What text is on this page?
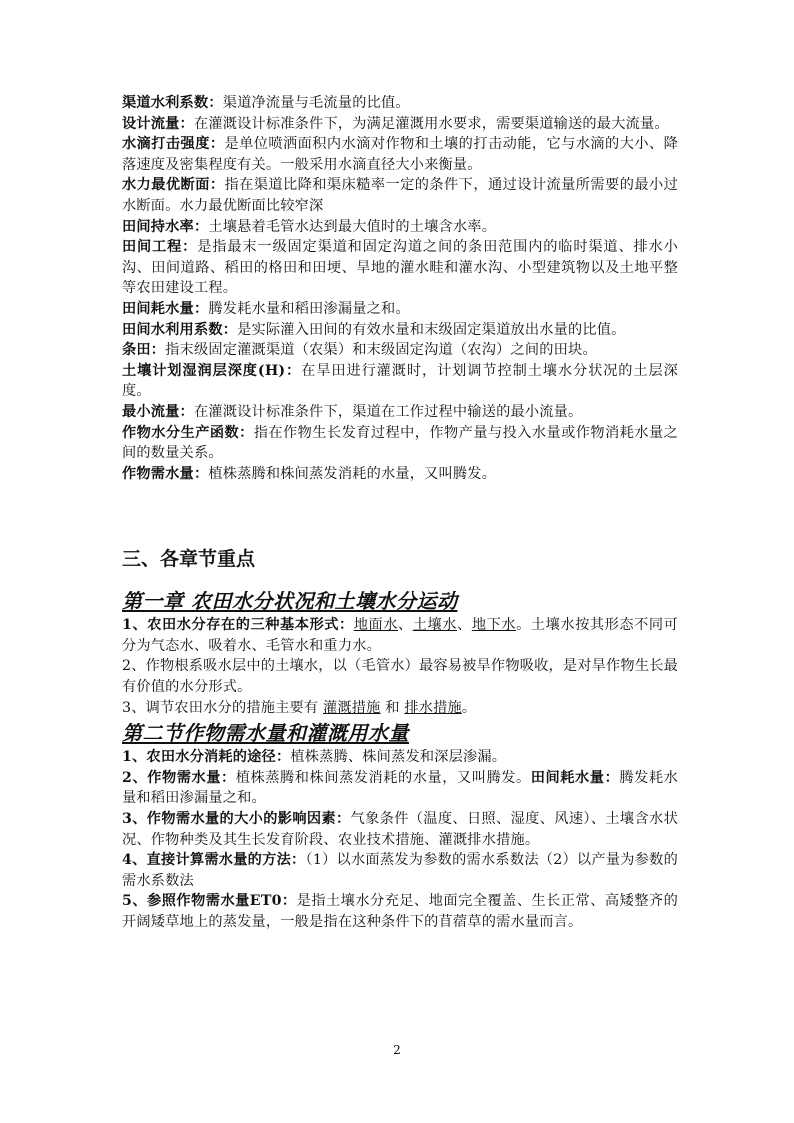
渠道水利系数：渠道净流量与毛流量的比值。

设计流量：在灌溉设计标准条件下，为满足灌溉用水要求，需要渠道输送的最大流量。

水滴打击强度：是单位喷洒面积内水滴对作物和土壤的打击动能，它与水滴的大小、降落速度及密集程度有关。一般采用水滴直径大小来衡量。

水力最优断面：指在渠道比降和渠床糙率一定的条件下，通过设计流量所需要的最小过水断面。水力最优断面比较窄深

田间持水率：土壤悬着毛管水达到最大值时的土壤含水率。

田间工程：是指最末一级固定渠道和固定沟道之间的条田范围内的临时渠道、排水小沟、田间道路、稻田的格田和田埂、旱地的灌水畦和灌水沟、小型建筑物以及土地平整等农田建设工程。

田间耗水量：腾发耗水量和稻田渗漏量之和。

田间水利用系数：是实际灌入田间的有效水量和末级固定渠道放出水量的比值。

条田：指末级固定灌溉渠道（农渠）和末级固定沟道（农沟）之间的田块。

土壤计划湿润层深度(H)：在旱田进行灌溉时，计划调节控制土壤水分状况的土层深度。

最小流量：在灌溉设计标准条件下，渠道在工作过程中输送的最小流量。

作物水分生产函数：指在作物生长发育过程中，作物产量与投入水量或作物消耗水量之间的数量关系。

作物需水量：植株蒸腾和株间蒸发消耗的水量，又叫腾发。

三、各章节重点
第一章 农田水分状况和土壤水分运动

1、农田水分存在的三种基本形式：地面水、土壤水、地下水。土壤水按其形态不同可分为气态水、吸着水、毛管水和重力水。

2、作物根系吸水层中的土壤水，以（毛管水）最容易被旱作物吸收，是对旱作物生长最有价值的水分形式。

3、调节农田水分的措施主要有 灌溉措施 和 排水措施。

第二节作物需水量和灌溉用水量

1、农田水分消耗的途径：植株蒸腾、株间蒸发和深层渗漏。

2、作物需水量：植株蒸腾和株间蒸发消耗的水量，又叫腾发。田间耗水量：腾发耗水量和稻田渗漏量之和。

3、作物需水量的大小的影响因素：气象条件（温度、日照、湿度、风速）、土壤含水状况、作物种类及其生长发育阶段、农业技术措施、灌溉排水措施。

4、直接计算需水量的方法：（1）以水面蒸发为参数的需水系数法（2）以产量为参数的需水系数法

5、参照作物需水量ET0：是指土壤水分充足、地面完全覆盖、生长正常、高矮整齐的开阔矮草地上的蒸发量，一般是指在这种条件下的苜蓿草的需水量而言。

2
